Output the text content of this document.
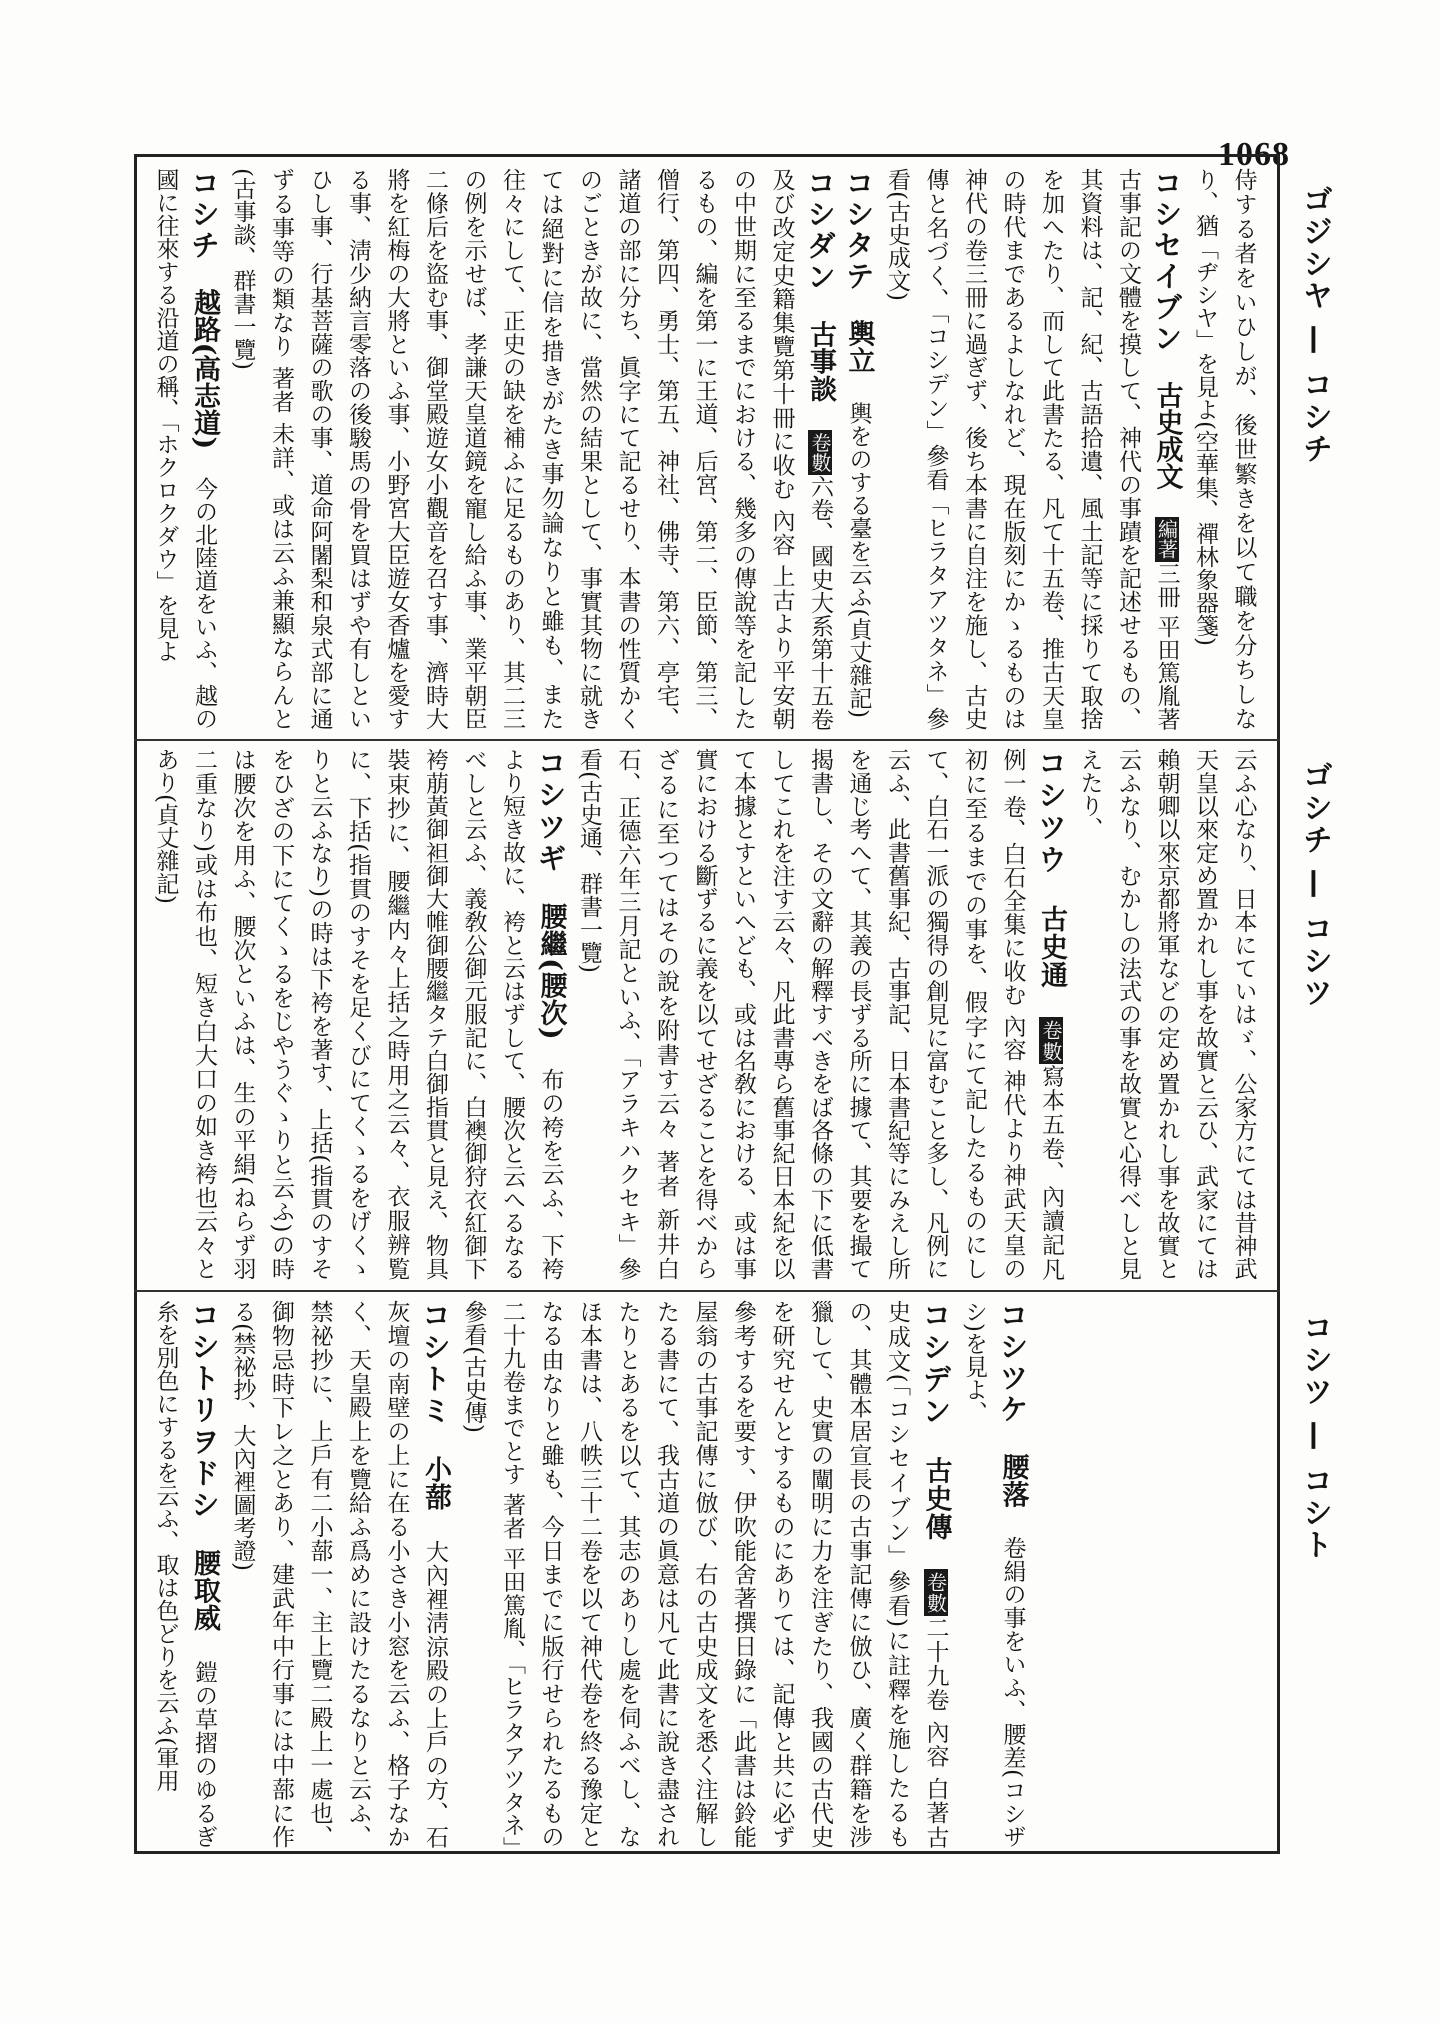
1068
ゴジシヤ — コシチ
ゴシチ — コシツ
コシツ — コシト
侍する者をいひしが、後世繁きを以て職を分ちしなり、猶「ヂシヤ」を見よ(空華集、禪林象器箋)
コシセイブン古史成文編著三冊 平田篤胤著 古事記の文體を摸して、神代の事蹟を記述せるもの、其資料は、記、紀、古語拾遺、風土記等に採りて取捨を加へたり、而して此書たる、凡て十五卷、推古天皇の時代まであるよしなれど、現在版刻にかゝるものは神代の卷三冊に過ぎず、後ち本書に自注を施し、古史傳と名づく、「コシデン」參看「ヒラタアツタネ」參看(古史成文)
コシタテ輿立輿をのする臺を云ふ(貞丈雜記)
コシダン古事談卷數六卷、國史大系第十五卷及び改定史籍集覽第十冊に收む 內容 上古より平安朝の中世期に至るまでにおける、幾多の傳說等を記したるもの、編を第一に王道、后宮、第二、臣節、第三、僧行、第四、勇士、第五、神社、佛寺、第六、亭宅、諸道の部に分ち、眞字にて記るせり、本書の性質かくのごときが故に、當然の結果として、事實其物に就きては絕對に信を措きがたき事勿論なりと雖も、また往々にして、正史の缺を補ふに足るものあり、其二三の例を示せば、孝謙天皇道鏡を寵し給ふ事、業平朝臣二條后を盜む事、御堂殿遊女小觀音を召す事、濟時大將を紅梅の大將といふ事、小野宮大臣遊女香爐を愛する事、淸少納言零落の後駿馬の骨を買はずや有しといひし事、行基菩薩の歌の事、道命阿闍梨和泉式部に通ずる事等の類なり 著者 未詳、或は云ふ兼顯ならんと(古事談、群書一覽)
コシチ越路(高志道)今の北陸道をいふ、越の國に往來する沿道の稱、「ホクロクダウ」を見よ

云ふ心なり、日本にていはゞ、公家方にては昔神武天皇以來定め置かれし事を故實と云ひ、武家にては賴朝卿以來京都將軍などの定め置かれし事を故實と云ふなり、むかしの法式の事を故實と心得べしと見えたり、
コシツウ古史通卷數寫本五卷、內讀記凡例一卷、白石全集に收む 內容 神代より神武天皇の初に至るまでの事を、假字にて記したるものにして、白石一派の獨得の創見に富むこと多し、凡例に云ふ、此書舊事紀、古事記、日本書紀等にみえし所を通じ考へて、其義の長ずる所に據て、其要を撮て揭書し、その文辭の解釋すべきをば各條の下に低書してこれを注す云々、凡此書專ら舊事紀日本紀を以て本據とすといへども、或は名敎における、或は事實における斷ずるに義を以てせざることを得べからざるに至つてはその說を附書す云々 著者 新井白石、正德六年三月記といふ、「アラキハクセキ」參看(古史通、群書一覽)
コシツギ腰繼(腰次)布の袴を云ふ、下袴より短き故に、袴と云はずして、腰次と云へるなるべしと云ふ、義敎公御元服記に、白襖御狩衣紅御下袴萠黃御袒御大帷御腰繼タテ白御指貫と見え、物具裝束抄に、腰繼内々上括之時用之云々、衣服辨覧に、下括(指貫のすそを足くびにてくゝるをげくゝりと云ふなり)の時は下袴を著す、上括(指貫のすそをひざの下にてくゝるをじやうぐゝりと云ふ)の時は腰次を用ふ、腰次といふは、生の平絹(ねらず羽二重なり)或は布也、短き白大口の如き袴也云々とあり(貞丈雜記)
コシツケ腰落卷絹の事をいふ、腰差(コシザシ)を見よ、
コシデン古史傳卷數二十九卷 內容 白著古史成文(「コシセイブン」參看)に註釋を施したるもの、其體本居宣長の古事記傳に倣ひ、廣く群籍を涉獵して、史實の闡明に力を注ぎたり、我國の古代史を研究せんとするものにありては、記傳と共に必ず參考するを要す、伊吹能舍著撰日錄に「此書は鈴能屋翁の古事記傳に倣び、右の古史成文を悉く注解したる書にて、我古道の眞意は凡て此書に說き盡されたりとあるを以て、其志のありし處を伺ふべし、なほ本書は、八帙三十二卷を以て神代卷を終る豫定となる由なりと雖も、今日までに版行せられたるもの二十九卷までとす 著者 平田篤胤、「ヒラタアツタネ」參看(古史傳)
コシトミ小蔀大內裡淸涼殿の上戶の方、石灰壇の南壁の上に在る小さき小窓を云ふ、格子なかく、天皇殿上を覽給ふ爲めに設けたるなりと云ふ、禁祕抄に、上戶有二小蔀一、主上覽二殿上一處也、御物忌時下レ之とあり、建武年中行事には中蔀に作る(禁祕抄、大內裡圖考證)
コシトリヲドシ腰取威鎧の草摺のゆるぎ糸を別色にするを云ふ、取は色どりを云ふ(軍用
